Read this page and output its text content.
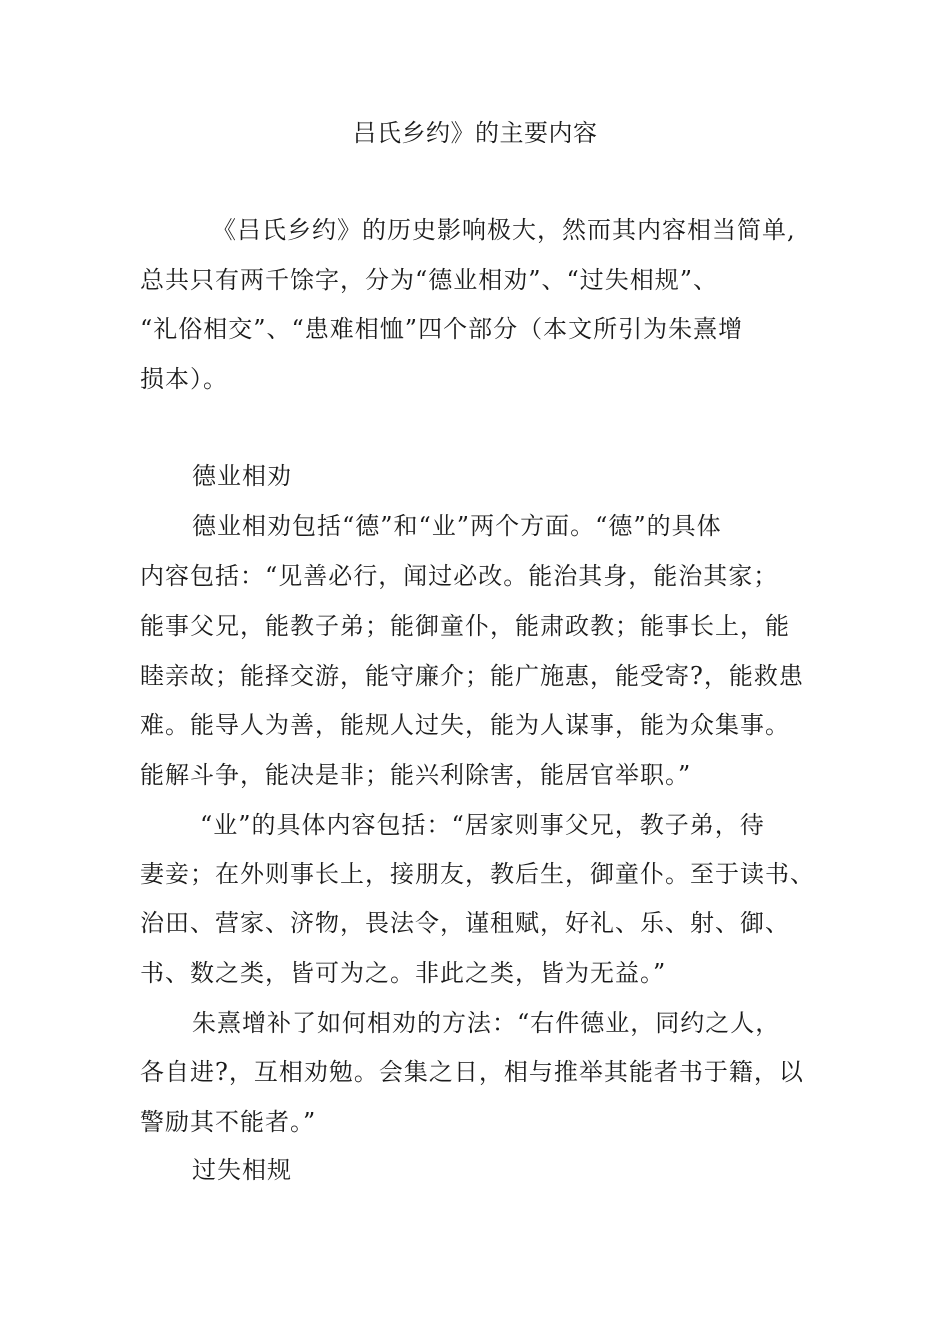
吕氏乡约》的主要内容
《吕氏乡约》的历史影响极大，然而其内容相当简单,
总共只有两千馀字，分为“德业相劝”、“过失相规”、
“礼俗相交”、“患难相恤”四个部分（本文所引为朱熹增
损本）。
德业相劝
德业相劝包括“德”和“业”两个方面。“德”的具体
内容包括：“见善必行，闻过必改。能治其身，能治其家；
能事父兄，能教子弟；能御童仆，能肃政教；能事长上，能
睦亲故；能择交游，能守廉介；能广施惠，能受寄?，能救患
难。能导人为善，能规人过失，能为人谋事，能为众集事。
能解斗争，能决是非；能兴利除害，能居官举职。”
“业”的具体内容包括：“居家则事父兄，教子弟，待
妻妾；在外则事长上，接朋友，教后生，御童仆。至于读书、
治田、营家、济物，畏法令，谨租赋，好礼、乐、射、御、
书、数之类，皆可为之。非此之类，皆为无益。”
朱熹增补了如何相劝的方法：“右件德业，同约之人，
各自进?，互相劝勉。会集之日，相与推举其能者书于籍，以
警励其不能者。”
过失相规
